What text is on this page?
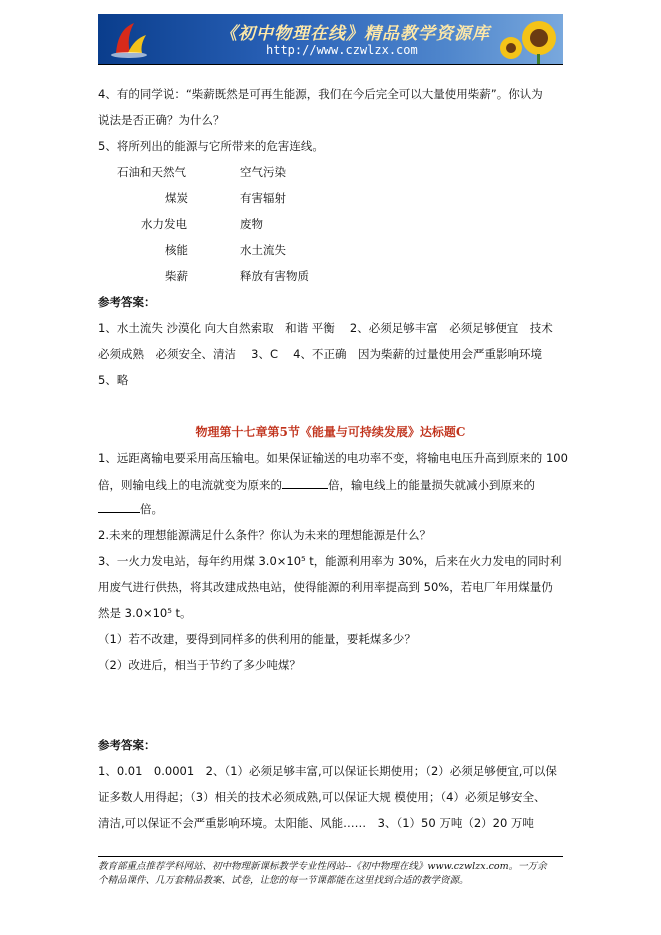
《初中物理在线》精品教学资源库
http://www.czwlzx.com
4、有的同学说：“柴薪既然是可再生能源，我们在今后完全可以大量使用柴薪”。你认为
说法是否正确？为什么？
5、将所列出的能源与它所带来的危害连线。
石油和天然气
煤炭
水力发电
核能
柴薪
空气污染
有害辐射
废物
水土流失
释放有害物质
参考答案：
1、水土流失 沙漠化 向大自然索取　和谐 平衡　 2、必须足够丰富　必须足够便宜　技术
必须成熟　必须安全、清洁　 3、C　 4、不正确　因为柴薪的过量使用会严重影响环境
5、略
物理第十七章第5节《能量与可持续发展》达标题C
1、远距离输电要采用高压输电。如果保证输送的电功率不变，将输电电压升高到原来的 100
倍，则输电线上的电流就变为原来的	倍，输电线上的能量损失就减小到原来的
倍。
2.未来的理想能源满足什么条件？你认为未来的理想能源是什么？
3、一火力发电站，每年约用煤 3.0×10⁵ t，能源利用率为 30%，后来在火力发电的同时利
用废气进行供热，将其改建成热电站，使得能源的利用率提高到 50%，若电厂年用煤量仍
然是 3.0×10⁵ t。
（1）若不改建，要得到同样多的供利用的能量，要耗煤多少？
（2）改进后，相当于节约了多少吨煤？
参考答案：
1、0.01　0.0001　2、（1）必须足够丰富,可以保证长期使用；（2）必须足够便宜,可以保
证多数人用得起；（3）相关的技术必须成熟,可以保证大规 模使用；（4）必须足够安全、
清洁,可以保证不会严重影响环境。太阳能、风能……　3、（1）50 万吨（2）20 万吨
教育部重点推荐学科网站、初中物理新课标教学专业性网站--《初中物理在线》www.czwlzx.com。一万余
个精品课件、几万套精品教案、试卷，让您的每一节课都能在这里找到合适的教学资源。
